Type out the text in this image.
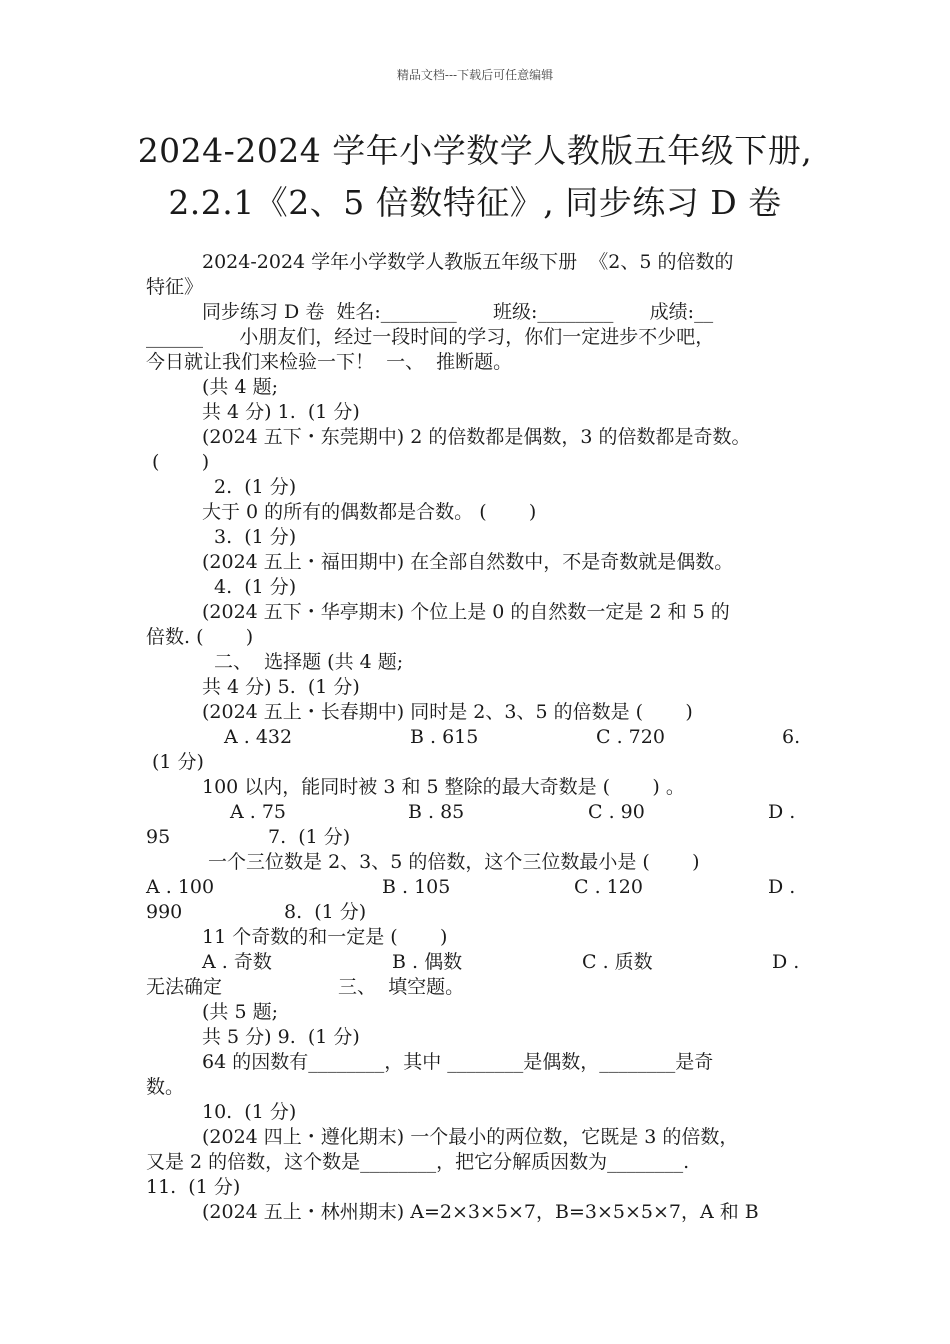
精品文档---下载后可任意编辑
2024-2024 学年小学数学人教版五年级下册,
2.2.1《2、5 倍数特征》, 同步练习 D 卷
2024-2024 学年小学数学人教版五年级下册  《2、5 的倍数的
特征》
同步练习 D 卷  姓名:________      班级:________      成绩:__
______      小朋友们，经过一段时间的学习，你们一定进步不少吧，
今日就让我们来检验一下！  一、  推断题。
(共 4 题;
共 4 分) 1.  (1 分)
(2024 五下・东莞期中) 2 的倍数都是偶数，3 的倍数都是奇数。
(       )
2.  (1 分)
大于 0 的所有的偶数都是合数。 (       )
3.  (1 分)
(2024 五上・福田期中) 在全部自然数中，不是奇数就是偶数。
4.  (1 分)
(2024 五下・华亭期末) 个位上是 0 的自然数一定是 2 和 5 的
倍数. (       )
二、  选择题 (共 4 题;
共 4 分) 5.  (1 分)
(2024 五上・长春期中) 同时是 2、3、5 的倍数是 (       )
A . 432	B . 615	C . 720	6.
(1 分)
100 以内，能同时被 3 和 5 整除的最大奇数是 (       ) 。
A . 75	B . 85	C . 90	D .
95	7.  (1 分)
一个三位数是 2、3、5 的倍数，这个三位数最小是 (       )
A . 100	B . 105	C . 120	D .
990	8.  (1 分)
11 个奇数的和一定是 (       )
A . 奇数	B . 偶数	C . 质数	D .
无法确定	三、  填空题。
(共 5 题;
共 5 分) 9.  (1 分)
64 的因数有________，其中 ________是偶数，________是奇
数。
10.  (1 分)
(2024 四上・遵化期末) 一个最小的两位数，它既是 3 的倍数，
又是 2 的倍数，这个数是________，把它分解质因数为________.
11.  (1 分)
(2024 五上・林州期末) A=2×3×5×7，B=3×5×5×7，A 和 B
